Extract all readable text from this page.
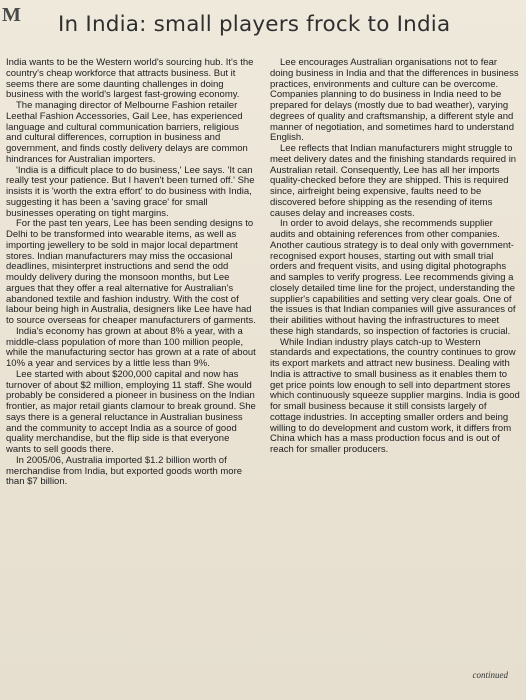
M	In India: small players frock to India

India wants to be the Western world's sourcing hub. It's the country's cheap workforce that attracts business. But it seems there are some daunting challenges in doing business with the world's largest fast-growing economy.

The managing director of Melbourne Fashion retailer Leethal Fashion Accessories, Gail Lee, has experienced language and cultural communication barriers, religious and cultural differences, corruption in business and government, and finds costly delivery delays are common hindrances for Australian importers.

'India is a difficult place to do business,' Lee says. 'It can really test your patience. But I haven't been turned off.' She insists it is 'worth the extra effort' to do business with India, suggesting it has been a 'saving grace' for small businesses operating on tight margins.

For the past ten years, Lee has been sending designs to Delhi to be transformed into wearable items, as well as importing jewellery to be sold in major local department stores. Indian manufacturers may miss the occasional deadlines, misinterpret instructions and send the odd mouldy delivery during the monsoon months, but Lee argues that they offer a real alternative for Australian's abandoned textile and fashion industry. With the cost of labour being high in Australia, designers like Lee have had to source overseas for cheaper manufacturers of garments.

India's economy has grown at about 8% a year, with a middle-class population of more than 100 million people, while the manufacturing sector has grown at a rate of about 10% a year and services by a little less than 9%.

Lee started with about $200,000 capital and now has turnover of about $2 million, employing 11 staff. She would probably be considered a pioneer in business on the Indian frontier, as major retail giants clamour to break ground. She says there is a general reluctance in Australian business and the community to accept India as a source of good quality merchandise, but the flip side is that everyone wants to sell goods there.

In 2005/06, Australia imported $1.2 billion worth of merchandise from India, but exported goods worth more than $7 billion.

Lee encourages Australian organisations not to fear doing business in India and that the differences in business practices, environments and culture can be overcome. Companies planning to do business in India need to be prepared for delays (mostly due to bad weather), varying degrees of quality and craftsmanship, a different style and manner of negotiation, and sometimes hard to understand English.

Lee reflects that Indian manufacturers might struggle to meet delivery dates and the finishing standards required in Australian retail. Consequently, Lee has all her imports quality-checked before they are shipped. This is required since, airfreight being expensive, faults need to be discovered before shipping as the resending of items causes delay and increases costs.

In order to avoid delays, she recommends supplier audits and obtaining references from other companies. Another cautious strategy is to deal only with government-recognised export houses, starting out with small trial orders and frequent visits, and using digital photographs and samples to verify progress. Lee recommends giving a closely detailed time line for the project, understanding the supplier's capabilities and setting very clear goals. One of the issues is that Indian companies will give assurances of their abilities without having the infrastructures to meet these high standards, so inspection of factories is crucial.

While Indian industry plays catch-up to Western standards and expectations, the country continues to grow its export markets and attract new business. Dealing with India is attractive to small business as it enables them to get price points low enough to sell into department stores which continuously squeeze supplier margins. India is good for small business because it still consists largely of cottage industries. In accepting smaller orders and being willing to do development and custom work, it differs from China which has a mass production focus and is out of reach for smaller producers.

continued
